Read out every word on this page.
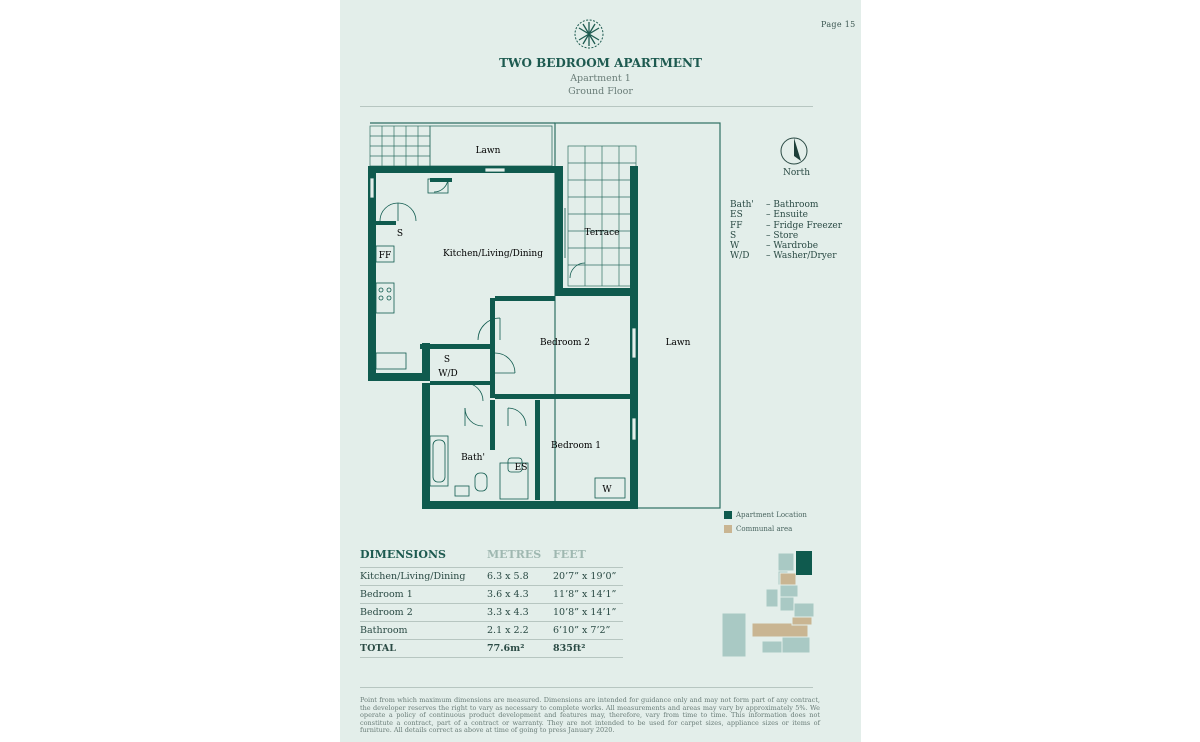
Page 15
TWO BEDROOM APARTMENT
Apartment 1
Ground Floor
Lawn
Kitchen/Living/Dining
Terrace
S
FF
Bedroom 2	Lawn
S
W/D
Bath'
ES
Bedroom 1
W
North
Bath'	– Bathroom
ES	– Ensuite
FF	– Fridge Freezer
S	– Store
W	– Wardrobe
W/D	– Washer/Dryer
Apartment Location
Communal area
DIMENSIONS	METRES	FEET
Kitchen/Living/Dining	6.3 x 5.8	20’7” x 19’0”
Bedroom 1	3.6 x 4.3	11’8” x 14’1”
Bedroom 2	3.3 x 4.3	10’8” x 14’1”
Bathroom	2.1 x 2.2	6’10” x 7’2”
TOTAL	77.6m²	835ft²
Point from which maximum dimensions are measured. Dimensions are intended for guidance only and may not form part of any contract, the developer reserves the right to vary as necessary to complete works. All measurements and areas may vary by approximately 5%. We operate a policy of continuous product development and features may, therefore, vary from time to time. This information does not constitute a contract, part of a contract or warranty. They are not intended to be used for carpet sizes, appliance sizes or items of furniture. All details correct as above at time of going to press January 2020.
